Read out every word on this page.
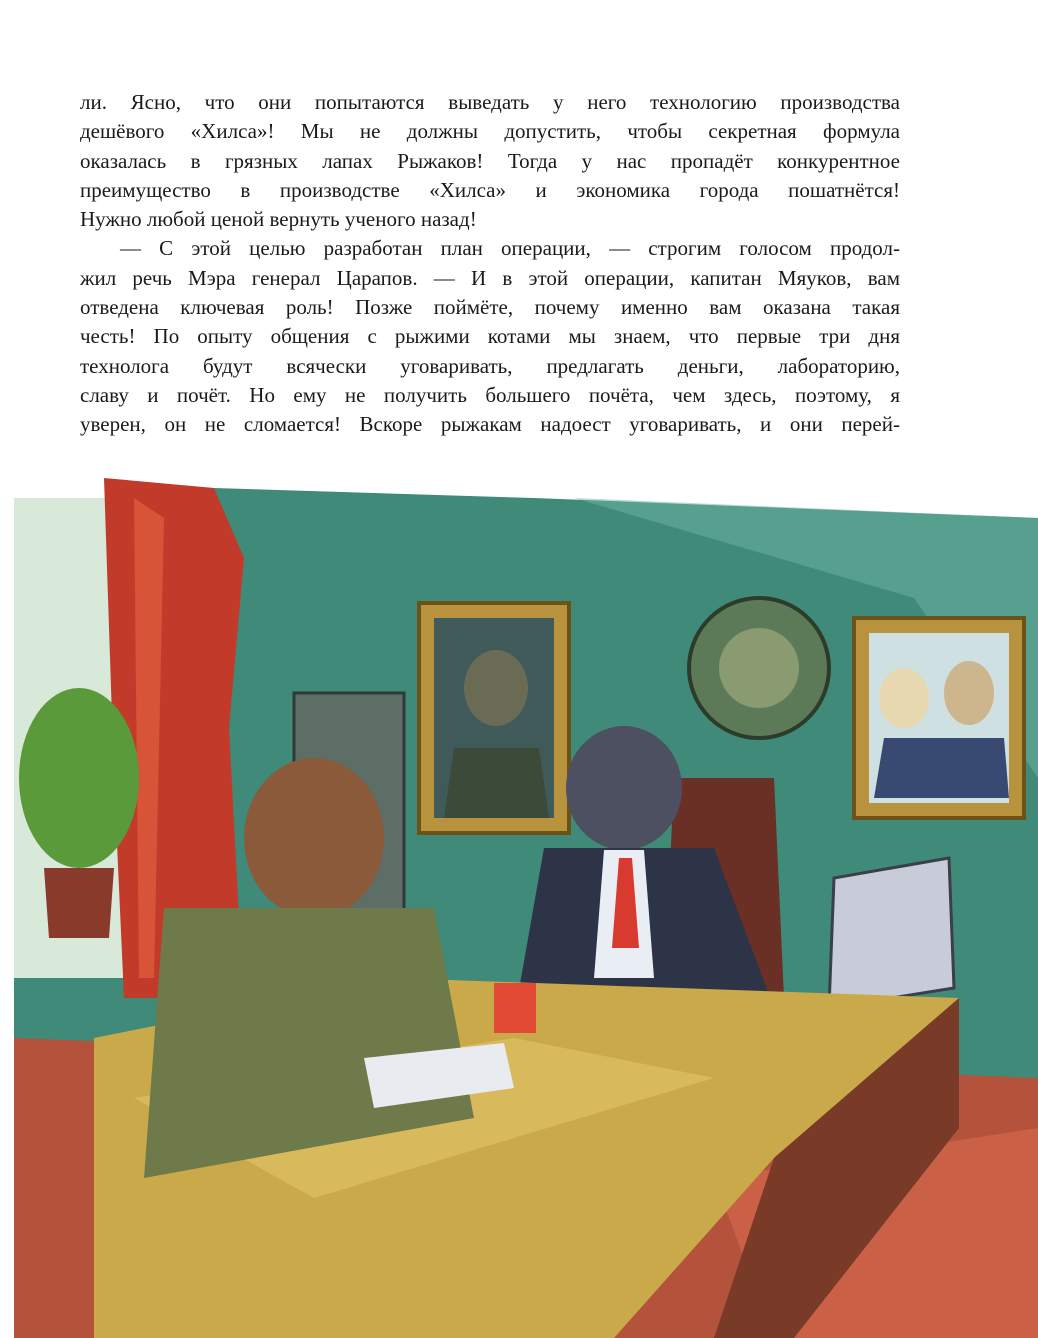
ли. Ясно, что они попытаются выведать у него технологию производства
дешёвого «Хилса»! Мы не должны допустить, чтобы секретная формула
оказалась в грязных лапах Рыжаков! Тогда у нас пропадёт конкурентное
преимущество в производстве «Хилса» и экономика города пошатнётся!
Нужно любой ценой вернуть ученого назад!

— С этой целью разработан план операции, — строгим голосом продол-
жил речь Мэра генерал Царапов. — И в этой операции, капитан Мяуков, вам
отведена ключевая роль! Позже поймёте, почему именно вам оказана такая
честь! По опыту общения с рыжими котами мы знаем, что первые три дня
технолога будут всячески уговаривать, предлагать деньги, лабораторию,
славу и почёт. Но ему не получить большего почёта, чем здесь, поэтому, я
уверен, он не сломается! Вскоре рыжакам надоест уговаривать, и они перей-
